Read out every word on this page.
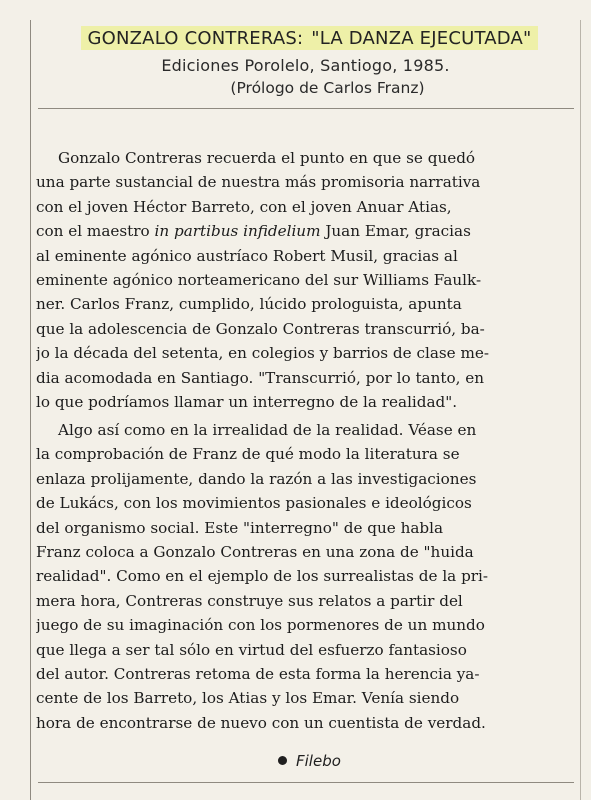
GONZALO CONTRERAS: "LA DANZA EJECUTADA"
Ediciones Porolelo, Santiogo, 1985.
(Prólogo de Carlos Franz)
Gonzalo Contreras recuerda el punto en que se quedó
una parte sustancial de nuestra más promisoria narrativa
con el joven Héctor Barreto, con el joven Anuar Atias,
con el maestro in partibus infidelium Juan Emar, gracias
al eminente agónico austríaco Robert Musil, gracias al
eminente agónico norteamericano del sur Williams Faulk-
ner. Carlos Franz, cumplido, lúcido prologuista, apunta
que la adolescencia de Gonzalo Contreras transcurrió, ba-
jo la década del setenta, en colegios y barrios de clase me-
dia acomodada en Santiago. "Transcurrió, por lo tanto, en
lo que podríamos llamar un interregno de la realidad".
Algo así como en la irrealidad de la realidad. Véase en
la comprobación de Franz de qué modo la literatura se
enlaza prolijamente, dando la razón a las investigaciones
de Lukács, con los movimientos pasionales e ideológicos
del organismo social. Este "interregno" de que habla
Franz coloca a Gonzalo Contreras en una zona de "huida
realidad". Como en el ejemplo de los surrealistas de la pri-
mera hora, Contreras construye sus relatos a partir del
juego de su imaginación con los pormenores de un mundo
que llega a ser tal sólo en virtud del esfuerzo fantasioso
del autor. Contreras retoma de esta forma la herencia ya-
cente de los Barreto, los Atias y los Emar. Venía siendo
hora de encontrarse de nuevo con un cuentista de verdad.
Filebo
